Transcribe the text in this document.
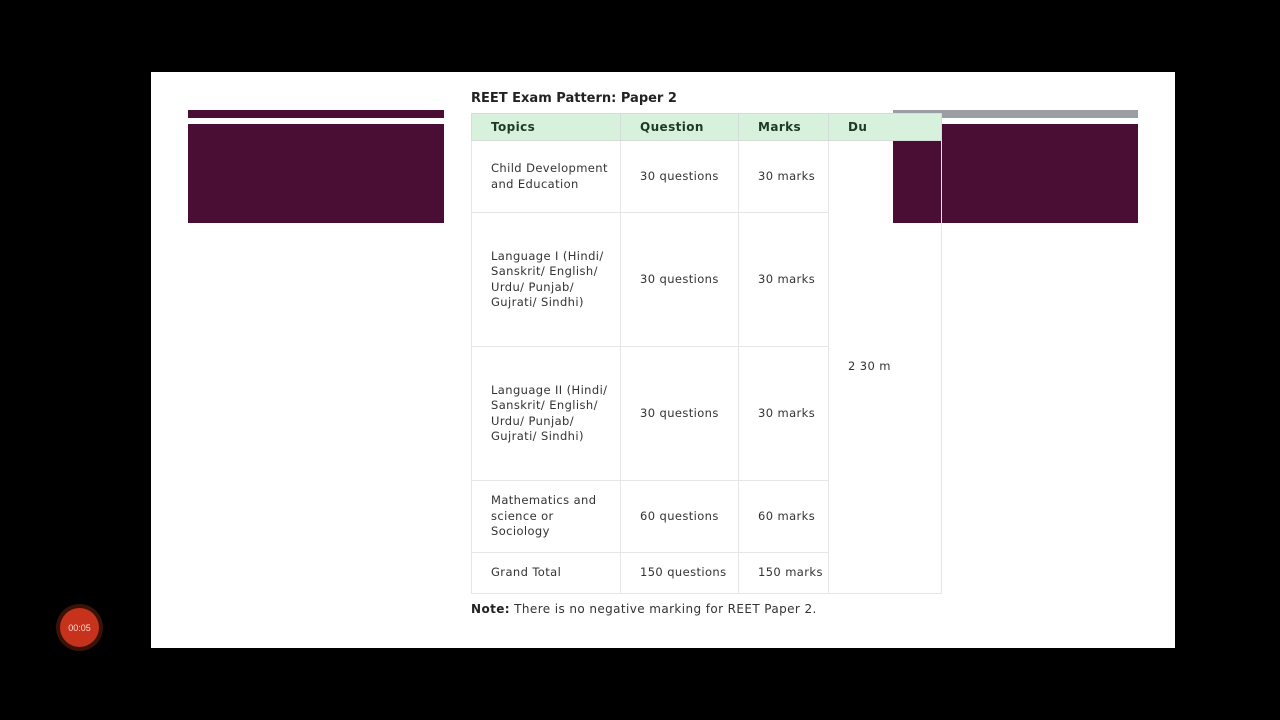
REET Exam Pattern: Paper 2
Topics	Question	Marks	Du
Child Development and Education	30 questions	30 marks	2 30 m
Language I (Hindi/ Sanskrit/ English/ Urdu/ Punjab/ Gujrati/ Sindhi)	30 questions	30 marks	
Language II (Hindi/ Sanskrit/ English/ Urdu/ Punjab/ Gujrati/ Sindhi)	30 questions	30 marks	
Mathematics and science or Sociology	60 questions	60 marks	
Grand Total	150 questions	150 marks	
Note: There is no negative marking for REET Paper 2.
00:05
